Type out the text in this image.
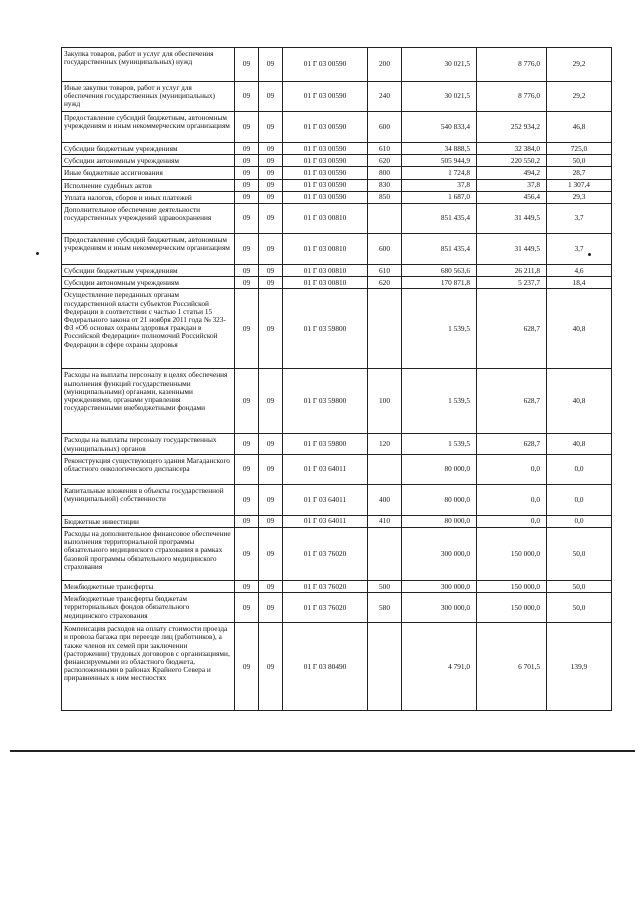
Закупка товаров, работ и услуг для обеспечения государственных (муниципальных) нужд	09	09	01 Г 03 00590	200	30 021,5	8 776,0	29,2
Иные закупки товаров, работ и услуг для обеспечения государственных (муниципальных) нужд	09	09	01 Г 03 00590	240	30 021,5	8 776,0	29,2
Предоставление субсидий бюджетным, автономным учреждениям и иным некоммерческим организациям	09	09	01 Г 03 00590	600	540 833,4	252 934,2	46,8
Субсидии бюджетным учреждениям	09	09	01 Г 03 00590	610	34 888,5	32 384,0	725,0
Субсидии автономным учреждениям	09	09	01 Г 03 00590	620	505 944,9	220 550,2	50,0
Иные бюджетные ассигнования	09	09	01 Г 03 00590	800	1 724,8	494,2	28,7
Исполнение судебных актов	09	09	01 Г 03 00590	830	37,8	37,8	1 307,4
Уплата налогов, сборов и иных платежей	09	09	01 Г 03 00590	850	1 687,0	456,4	29,3
Дополнительное обеспечение деятельности государственных учреждений здравоохранения	09	09	01 Г 03 00810		851 435,4	31 449,5	3,7
Предоставление субсидий бюджетным, автономным учреждениям и иным некоммерческим организациям	09	09	01 Г 03 00810	600	851 435,4	31 449,5	3,7
Субсидии бюджетным учреждениям	09	09	01 Г 03 00810	610	680 563,6	26 211,8	4,6
Субсидии автономным учреждениям	09	09	01 Г 03 00810	620	170 871,8	5 237,7	18,4
Осуществление переданных органам государственной власти субъектов Российской Федерации в соответствии с частью 1 статьи 15 Федерального закона от 21 ноября 2011 года № 323-ФЗ «Об основах охраны здоровья граждан в Российской Федерации» полномочий Российской Федерации в сфере охраны здоровья	09	09	01 Г 03 59800		1 539,5	628,7	40,8
Расходы на выплаты персоналу в целях обеспечения выполнения функций государственными (муниципальными) органами, казенными учреждениями, органами управления государственными внебюджетными фондами	09	09	01 Г 03 59800	100	1 539,5	628,7	40,8
Расходы на выплаты персоналу государственных (муниципальных) органов	09	09	01 Г 03 59800	120	1 539,5	628,7	40,8
Реконструкция существующего здания Магаданского областного онкологического диспансера	09	09	01 Г 03 64011		80 000,0	0,0	0,0
Капитальные вложения в объекты государственной (муниципальной) собственности	09	09	01 Г 03 64011	400	80 000,0	0,0	0,0
Бюджетные инвестиции	09	09	01 Г 03 64011	410	80 000,0	0,0	0,0
Расходы на дополнительное финансовое обеспечение выполнения территориальной программы обязательного медицинского страхования в рамках базовой программы обязательного медицинского страхования	09	09	01 Г 03 76020		300 000,0	150 000,0	50,0
Межбюджетные трансферты	09	09	01 Г 03 76020	500	300 000,0	150 000,0	50,0
Межбюджетные трансферты бюджетам территориальных фондов обязательного медицинского страхования	09	09	01 Г 03 76020	580	300 000,0	150 000,0	50,0
Компенсация расходов на оплату стоимости проезда и провоза багажа при переезде лиц (работников), а также членов их семей при заключении (расторжении) трудовых договоров с организациями, финансируемыми из областного бюджета, расположенными в районах Крайнего Севера и приравненных к ним местностях	09	09	01 Г 03 80490		4 791,0	6 701,5	139,9
